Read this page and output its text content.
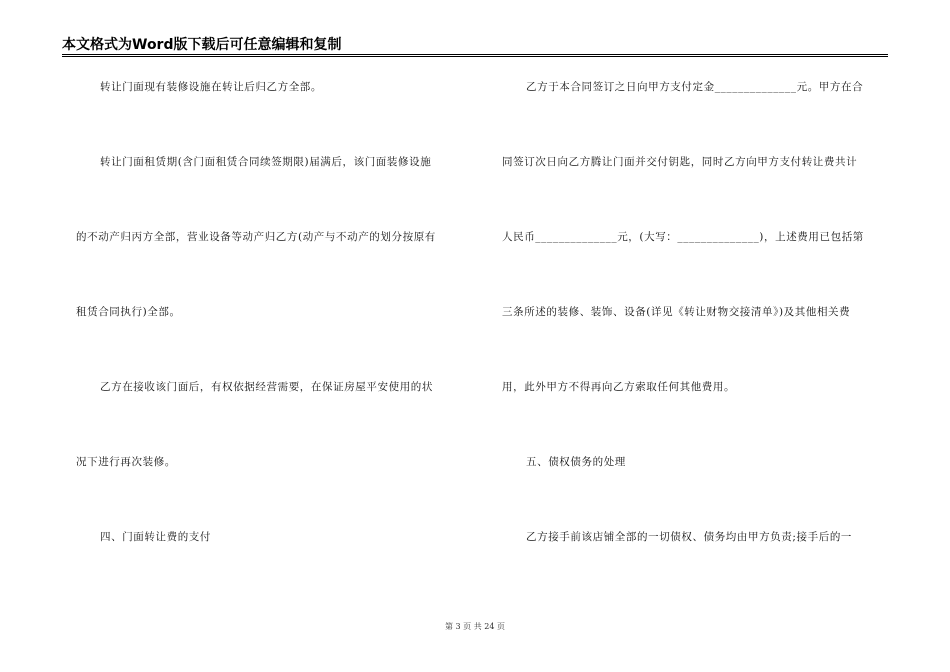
本文格式为Word版下载后可任意编辑和复制
转让门面现有装修设施在转让后归乙方全部。
转让门面租赁期(含门面租赁合同续签期限)届满后，该门面装修设施
的不动产归丙方全部，营业设备等动产归乙方(动产与不动产的划分按原有
租赁合同执行)全部。
乙方在接收该门面后，有权依据经营需要，在保证房屋平安使用的状
况下进行再次装修。
四、门面转让费的支付
乙方于本合同签订之日向甲方支付定金______________元。甲方在合
同签订次日向乙方腾让门面并交付钥匙，同时乙方向甲方支付转让费共计
人民币______________元，(大写：______________)，上述费用已包括第
三条所述的装修、装饰、设备(详见《转让财物交接清单》)及其他相关费
用，此外甲方不得再向乙方索取任何其他费用。
五、债权债务的处理
乙方接手前该店铺全部的一切债权、债务均由甲方负责;接手后的一
第 3 页 共 24 页
